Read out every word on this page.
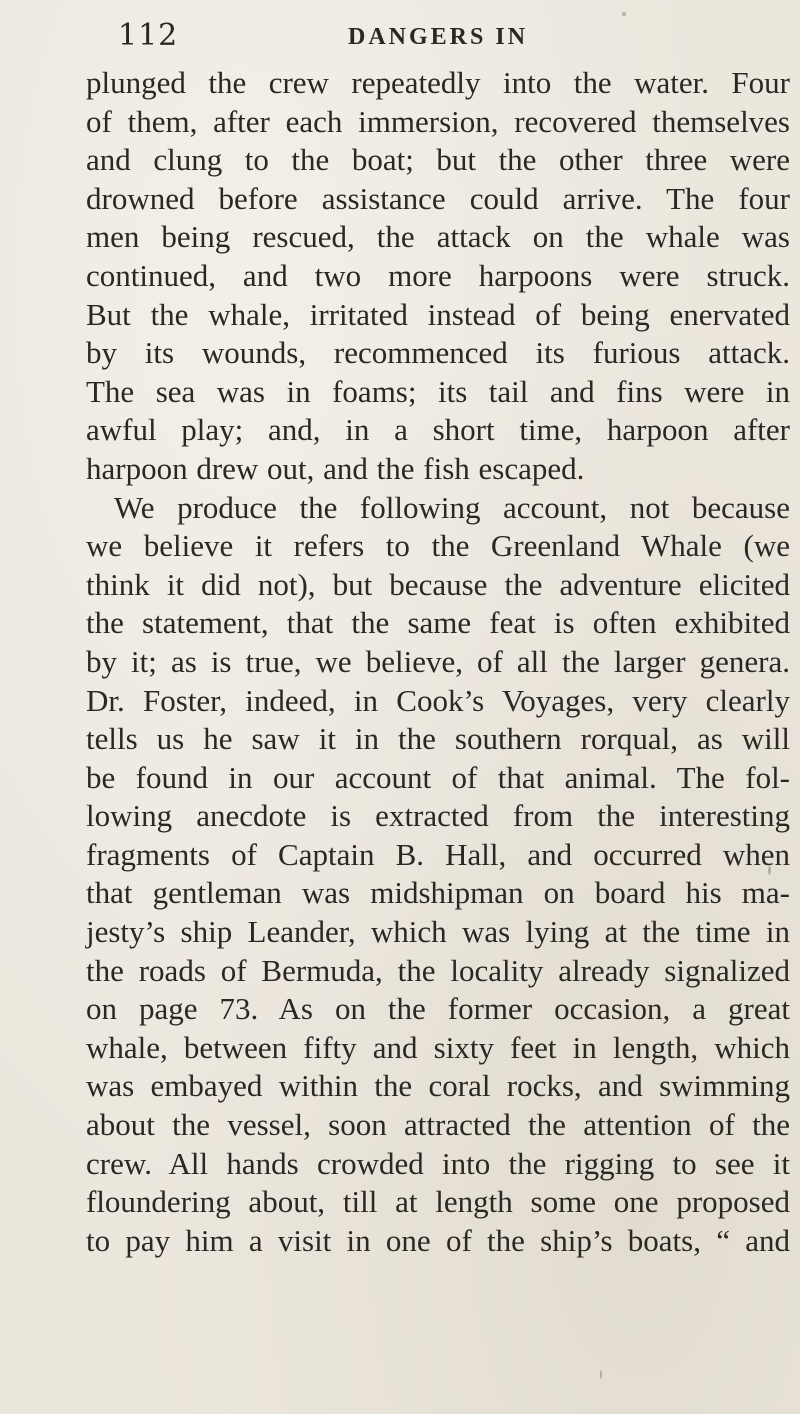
112	DANGERS IN
plunged the crew repeatedly into the water. Four
of them, after each immersion, recovered themselves
and clung to the boat; but the other three were
drowned before assistance could arrive. The four
men being rescued, the attack on the whale was
continued, and two more harpoons were struck.
But the whale, irritated instead of being enervated
by its wounds, recommenced its furious attack.
The sea was in foams; its tail and fins were in
awful play; and, in a short time, harpoon after
harpoon drew out, and the fish escaped.
We produce the following account, not because
we believe it refers to the Greenland Whale (we
think it did not), but because the adventure elicited
the statement, that the same feat is often exhibited
by it; as is true, we believe, of all the larger genera.
Dr. Foster, indeed, in Cook’s Voyages, very clearly
tells us he saw it in the southern rorqual, as will
be found in our account of that animal. The fol-
lowing anecdote is extracted from the interesting
fragments of Captain B. Hall, and occurred when
that gentleman was midshipman on board his ma-
jesty’s ship Leander, which was lying at the time in
the roads of Bermuda, the locality already signalized
on page 73. As on the former occasion, a great
whale, between fifty and sixty feet in length, which
was embayed within the coral rocks, and swimming
about the vessel, soon attracted the attention of the
crew. All hands crowded into the rigging to see it
floundering about, till at length some one proposed
to pay him a visit in one of the ship’s boats, “ and
